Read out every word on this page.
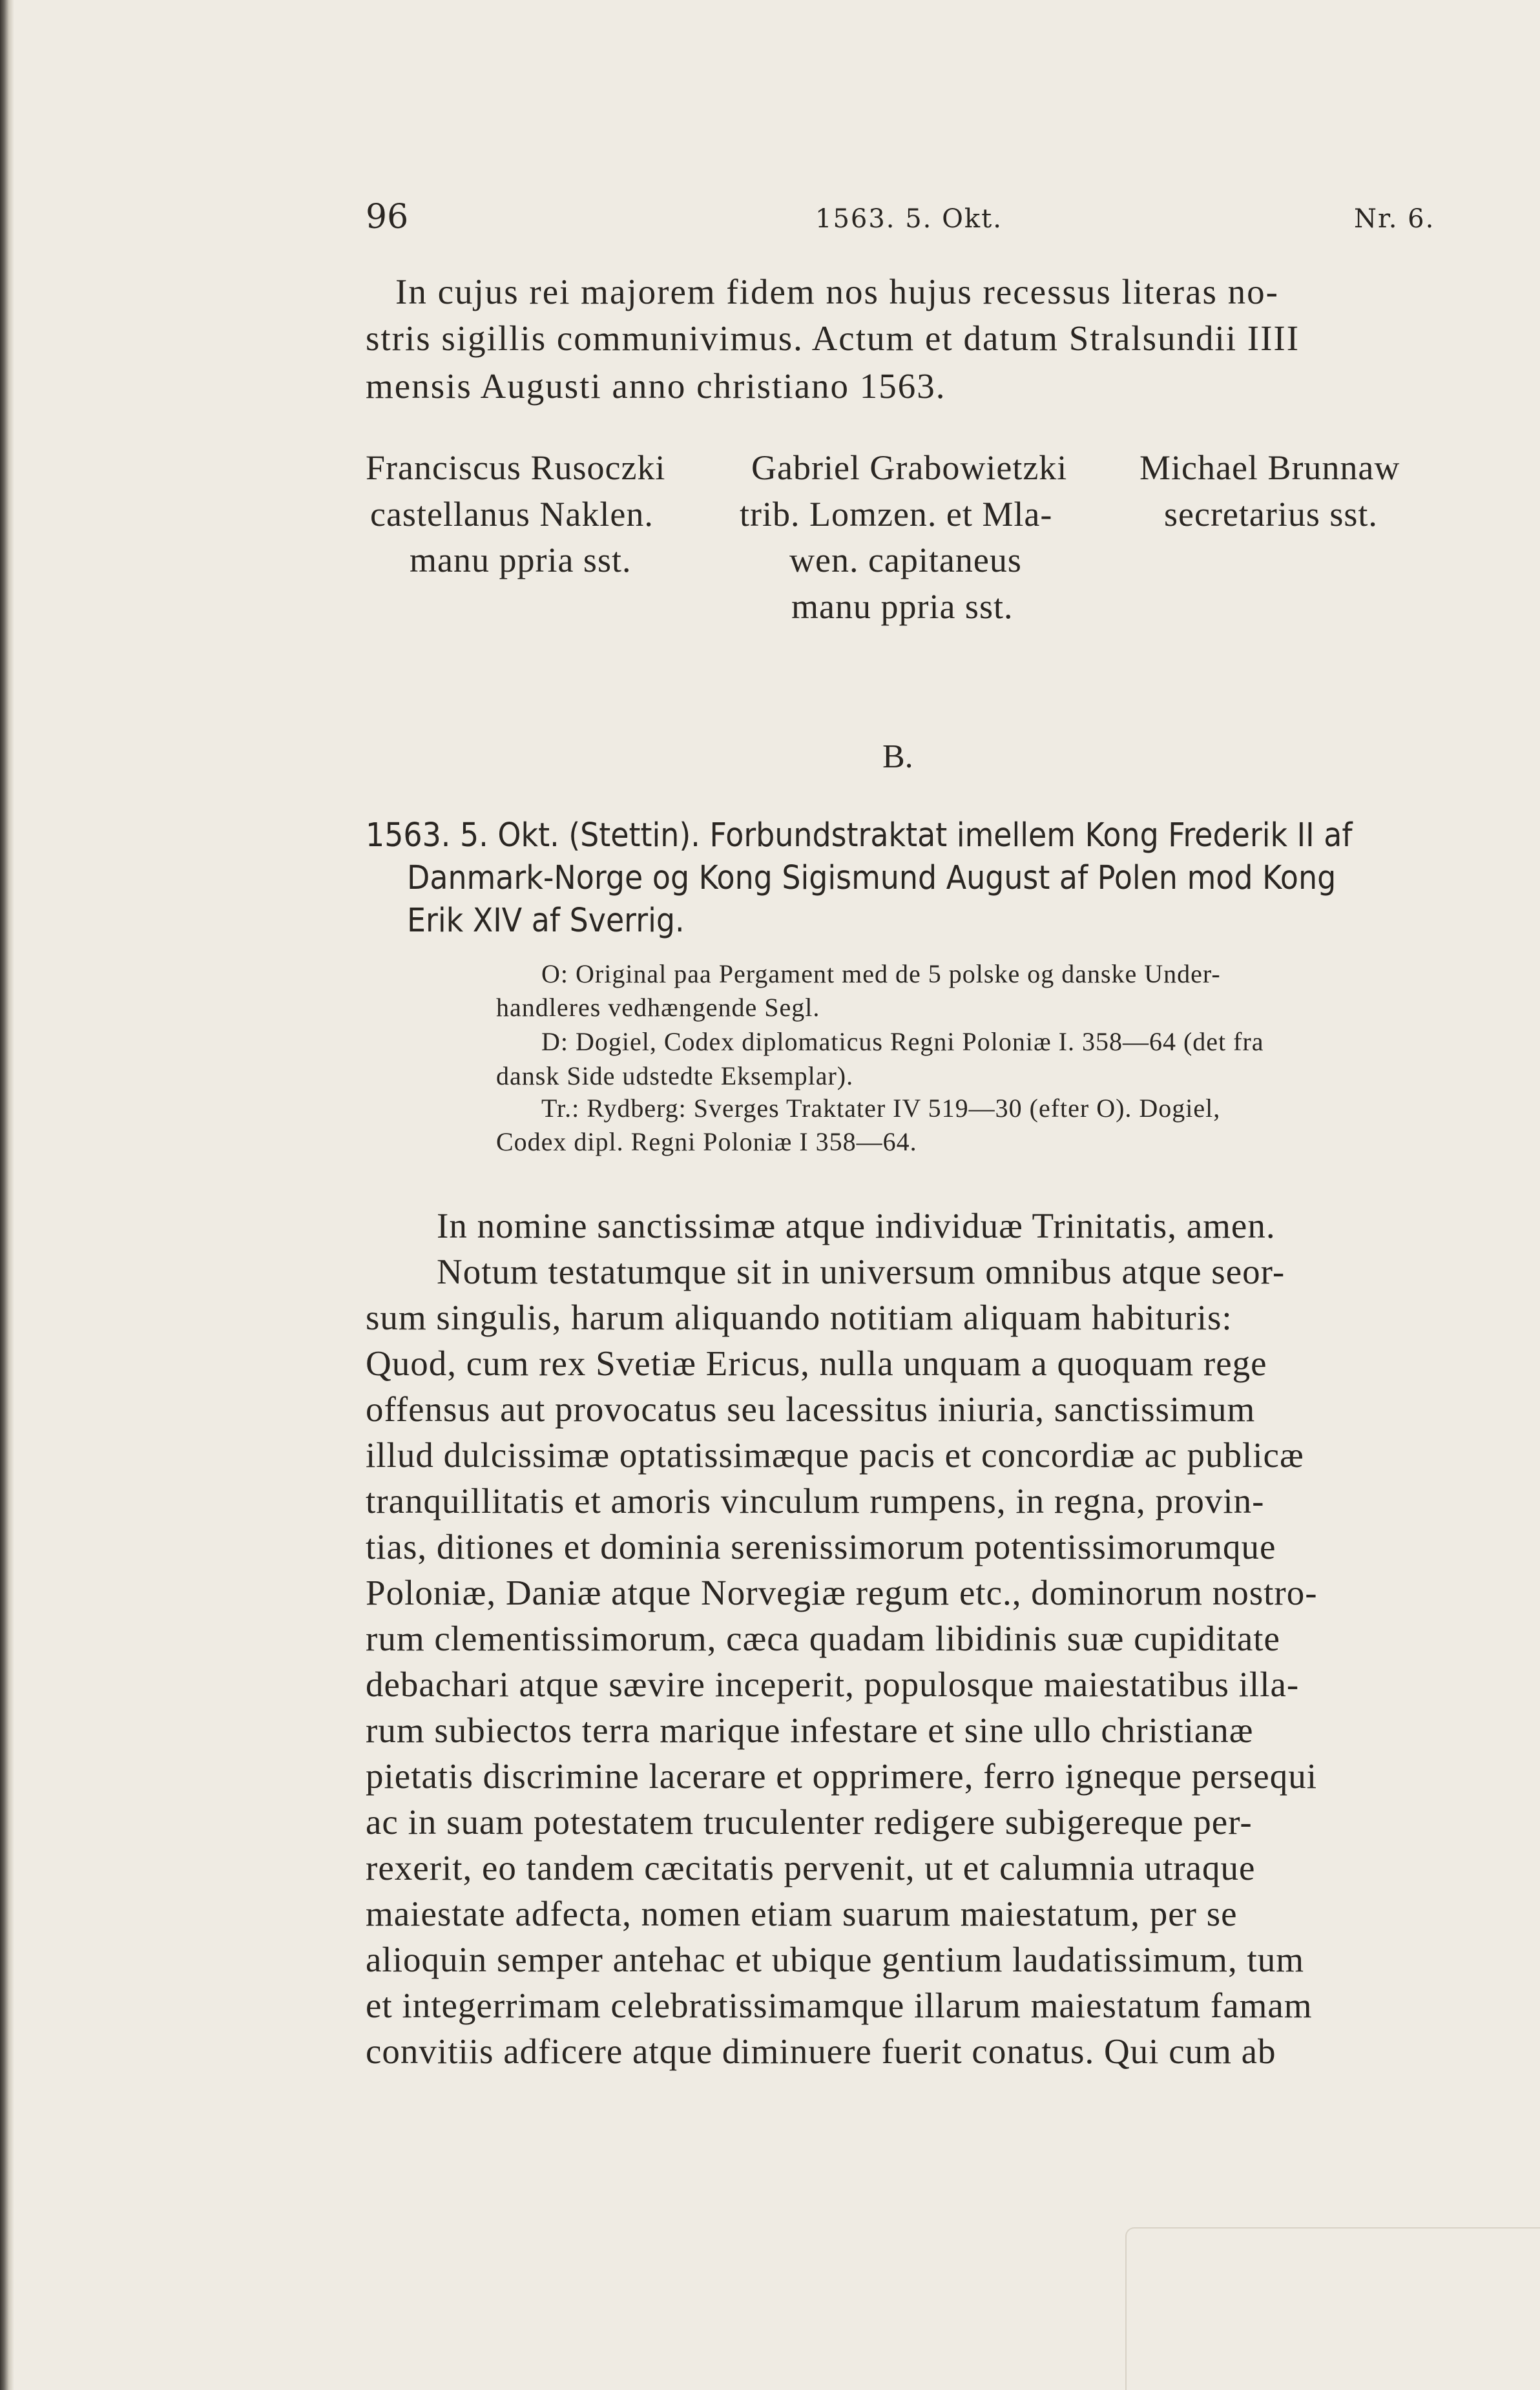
96	1563. 5. Okt.	Nr. 6.

In cujus rei majorem fidem nos hujus recessus literas no-

stris sigillis communivimus. Actum et datum Stralsundii IIII

mensis Augusti anno christiano 1563.

Franciscus Rusoczki

castellanus Naklen.

manu ppria sst.

Gabriel Grabowietzki

trib. Lomzen. et Mla-

wen. capitaneus

manu ppria sst.

Michael Brunnaw

secretarius sst.

B.

1563. 5. Okt. (Stettin). Forbundstraktat imellem Kong Frederik II af

Danmark-Norge og Kong Sigismund August af Polen mod Kong

Erik XIV af Sverrig.

O: Original paa Pergament med de 5 polske og danske Under-

handleres vedhængende Segl.

D: Dogiel, Codex diplomaticus Regni Poloniæ I. 358—64 (det fra

dansk Side udstedte Eksemplar).

Tr.: Rydberg: Sverges Traktater IV 519—30 (efter O). Dogiel,

Codex dipl. Regni Poloniæ I 358—64.

In nomine sanctissimæ atque individuæ Trinitatis, amen.

Notum testatumque sit in universum omnibus atque seor-

sum singulis, harum aliquando notitiam aliquam habituris:

Quod, cum rex Svetiæ Ericus, nulla unquam a quoquam rege

offensus aut provocatus seu lacessitus iniuria, sanctissimum

illud dulcissimæ optatissimæque pacis et concordiæ ac publicæ

tranquillitatis et amoris vinculum rumpens, in regna, provin-

tias, ditiones et dominia serenissimorum potentissimorumque

Poloniæ, Daniæ atque Norvegiæ regum etc., dominorum nostro-

rum clementissimorum, cæca quadam libidinis suæ cupiditate

debachari atque sævire inceperit, populosque maiestatibus illa-

rum subiectos terra marique infestare et sine ullo christianæ

pietatis discrimine lacerare et opprimere, ferro igneque persequi

ac in suam potestatem truculenter redigere subigereque per-

rexerit, eo tandem cæcitatis pervenit, ut et calumnia utraque

maiestate adfecta, nomen etiam suarum maiestatum, per se

alioquin semper antehac et ubique gentium laudatissimum, tum

et integerrimam celebratissimamque illarum maiestatum famam

convitiis adficere atque diminuere fuerit conatus. Qui cum ab
